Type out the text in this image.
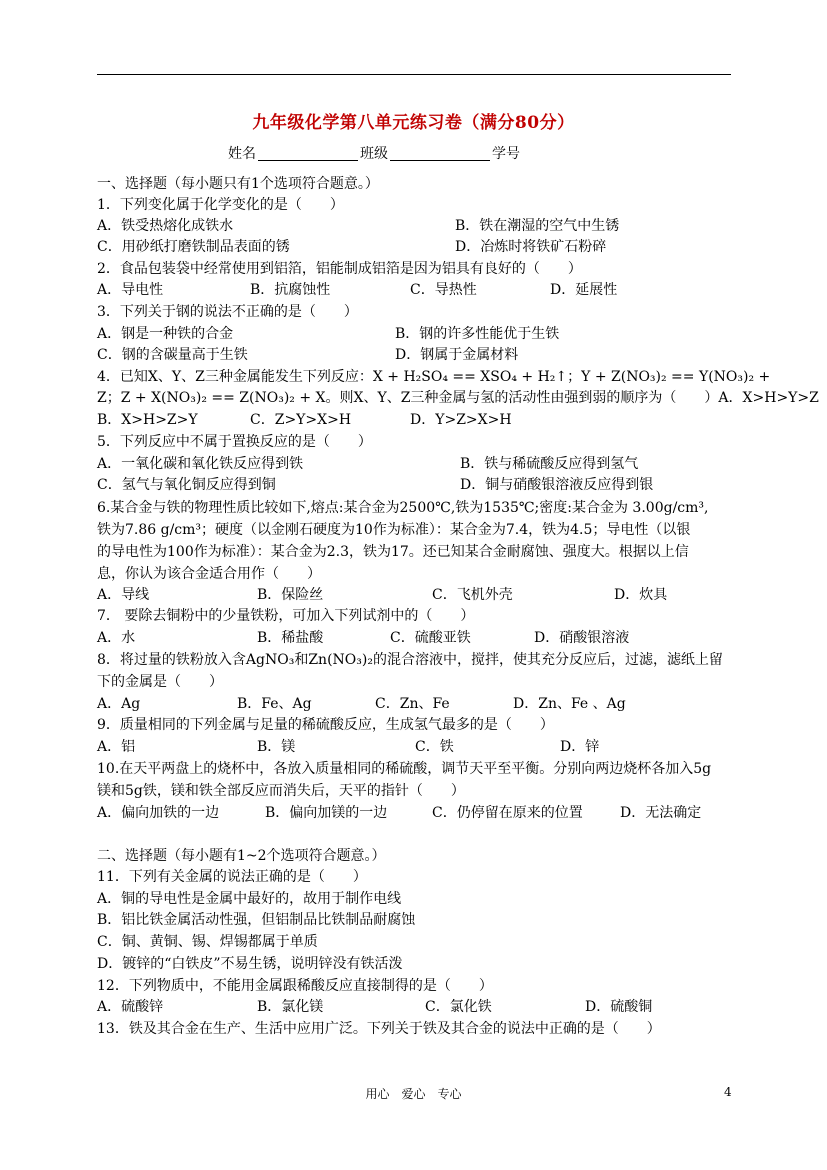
九年级化学第八单元练习卷（满分80分）
姓名	班级	学号
一、选择题（每小题只有1个选项符合题意。）
1．下列变化属于化学变化的是（　　）
A．铁受热熔化成铁水	B．铁在潮湿的空气中生锈
C．用砂纸打磨铁制品表面的锈	D．冶炼时将铁矿石粉碎
2．食品包装袋中经常使用到铝箔，铝能制成铝箔是因为铝具有良好的（　　）
A．导电性	B．抗腐蚀性	C．导热性	D．延展性
3．下列关于钢的说法不正确的是（　　）
A．钢是一种铁的合金	B．钢的许多性能优于生铁
C．钢的含碳量高于生铁	D．钢属于金属材料
4．已知X、Y、Z三种金属能发生下列反应：X + H₂SO₄ == XSO₄ + H₂↑；Y + Z(NO₃)₂ == Y(NO₃)₂ +
Z；Z + X(NO₃)₂ == Z(NO₃)₂ + X。则X、Y、Z三种金属与氢的活动性由强到弱的顺序为（　　）A．X>H>Y>Z
B．X>H>Z>Y	C．Z>Y>X>H	D．Y>Z>X>H
5．下列反应中不属于置换反应的是（　　）
A．一氧化碳和氧化铁反应得到铁	B．铁与稀硫酸反应得到氢气
C．氢气与氧化铜反应得到铜	D．铜与硝酸银溶液反应得到银
6.某合金与铁的物理性质比较如下,熔点:某合金为2500℃,铁为1535℃;密度:某合金为 3.00g/cm³,
铁为7.86 g/cm³；硬度（以金刚石硬度为10作为标准）：某合金为7.4，铁为4.5；导电性（以银
的导电性为100作为标准）：某合金为2.3，铁为17。还已知某合金耐腐蚀、强度大。根据以上信
息，你认为该合金适合用作（　　）
A．导线	B．保险丝	C．飞机外壳	D．炊具
7． 要除去铜粉中的少量铁粉，可加入下列试剂中的（　　）
A．水	B．稀盐酸	C．硫酸亚铁	D．硝酸银溶液
8．将过量的铁粉放入含AgNO₃和Zn(NO₃)₂的混合溶液中，搅拌，使其充分反应后，过滤，滤纸上留
下的金属是（　　）
A．Ag	B．Fe、Ag	C．Zn、Fe	D．Zn、Fe 、Ag
9．质量相同的下列金属与足量的稀硫酸反应，生成氢气最多的是（　　）
A．铝	B．镁	C．铁	D．锌
10.在天平两盘上的烧杯中，各放入质量相同的稀硫酸，调节天平至平衡。分别向两边烧杯各加入5g
镁和5g铁，镁和铁全部反应而消失后，天平的指针（　　）
A．偏向加铁的一边	B．偏向加镁的一边	C．仍停留在原来的位置	D．无法确定
二、选择题（每小题有1~2个选项符合题意。）
11．下列有关金属的说法正确的是（　　）
A．铜的导电性是金属中最好的，故用于制作电线
B．铝比铁金属活动性强，但铝制品比铁制品耐腐蚀
C．铜、黄铜、锡、焊锡都属于单质
D．镀锌的“白铁皮”不易生锈，说明锌没有铁活泼
12．下列物质中，不能用金属跟稀酸反应直接制得的是（　　）
A．硫酸锌	B．氯化镁	C．氯化铁	D．硫酸铜
13．铁及其合金在生产、生活中应用广泛。下列关于铁及其合金的说法中正确的是（　　）
用心　爱心　专心	4
